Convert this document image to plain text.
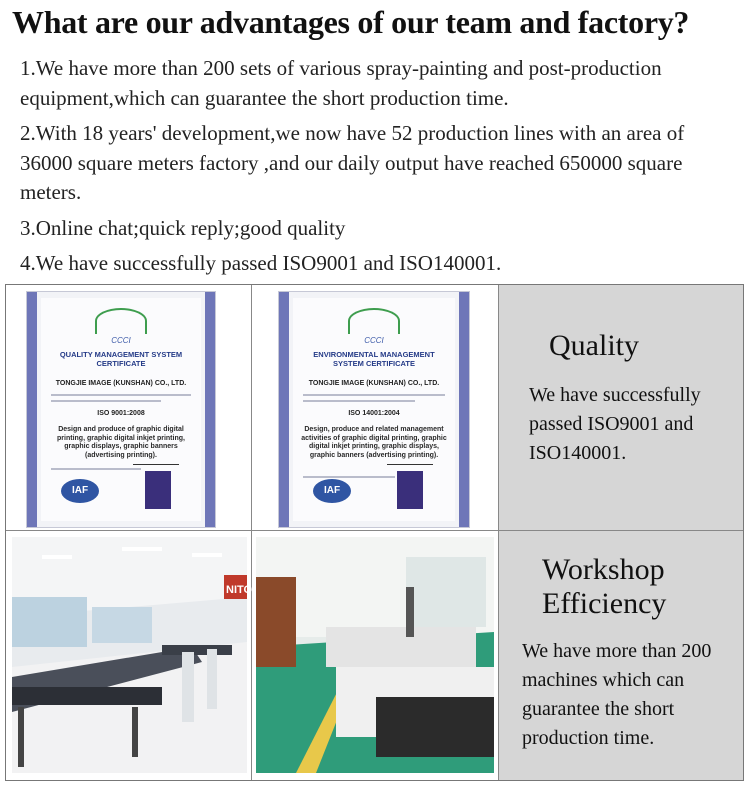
What are our advantages of our team and factory?

1.We have more than 200 sets of various spray-painting and post-production equipment,which can guarantee the short production time.

2.With 18 years' development,we now have 52 production lines with an area of 36000 square meters factory ,and our daily output have reached 650000 square meters.

3.Online chat;quick reply;good quality

4.We have successfully passed ISO9001 and ISO140001.

CCCI
QUALITY MANAGEMENT SYSTEM CERTIFICATE
TONGJIE IMAGE (KUNSHAN) CO., LTD.
ISO 9001:2008
Design and produce of graphic digital printing, graphic digital inkjet printing, graphic displays, graphic banners (advertising printing).
IAF
CCCI
ENVIRONMENTAL MANAGEMENT SYSTEM CERTIFICATE
TONGJIE IMAGE (KUNSHAN) CO., LTD.
ISO 14001:2004
Design, produce and related management activities of graphic digital printing, graphic digital inkjet printing, graphic displays, graphic banners (advertising printing).
IAF
Quality
We have successfully passed ISO9001 and ISO140001.
NITO
Workshop
Efficiency
We have more than 200 machines which can guarantee the short production time.
